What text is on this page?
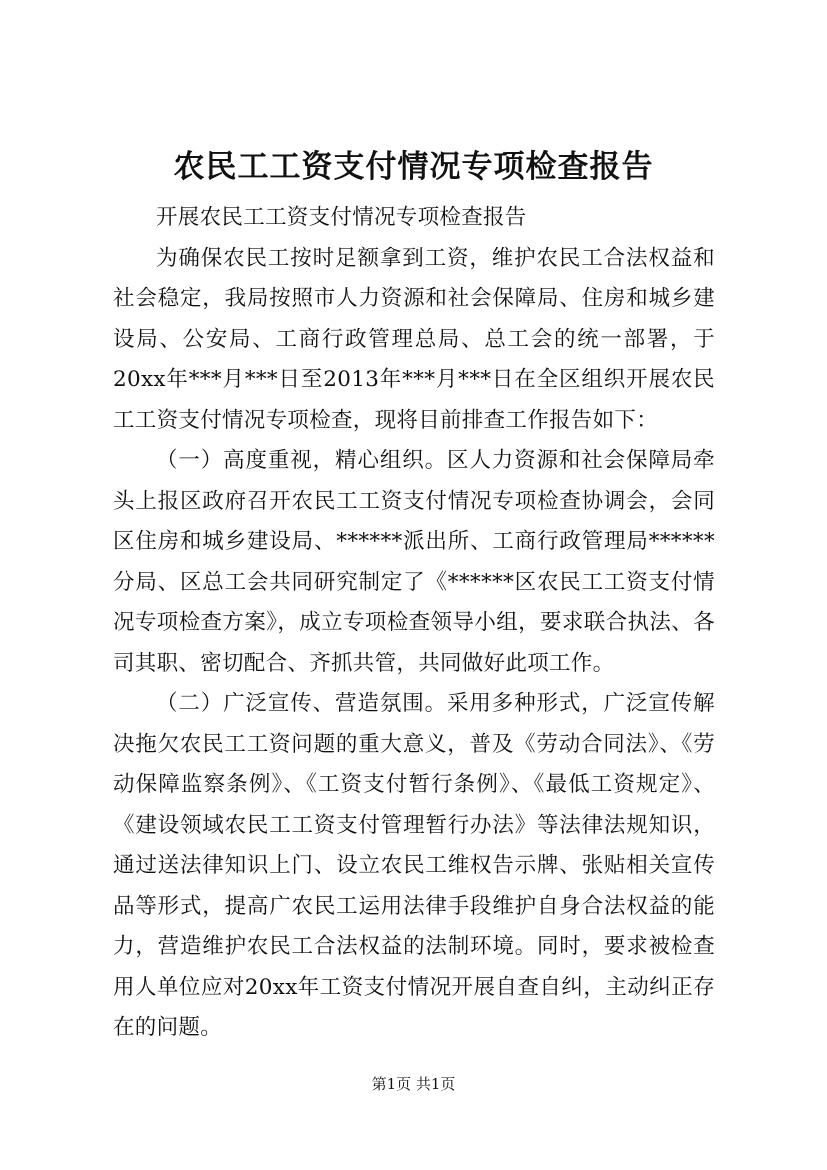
农民工工资支付情况专项检查报告

开展农民工工资支付情况专项检查报告

为确保农民工按时足额拿到工资，维护农民工合法权益和社会稳定，我局按照市人力资源和社会保障局、住房和城乡建设局、公安局、工商行政管理总局、总工会的统一部署，于20xx年***月***日至2013年***月***日在全区组织开展农民工工资支付情况专项检查，现将目前排查工作报告如下：

（一）高度重视，精心组织。区人力资源和社会保障局牵头上报区政府召开农民工工资支付情况专项检查协调会，会同区住房和城乡建设局、******派出所、工商行政管理局******分局、区总工会共同研究制定了《******区农民工工资支付情况专项检查方案》，成立专项检查领导小组，要求联合执法、各司其职、密切配合、齐抓共管，共同做好此项工作。

（二）广泛宣传、营造氛围。采用多种形式，广泛宣传解决拖欠农民工工资问题的重大意义，普及《劳动合同法》、《劳动保障监察条例》、《工资支付暂行条例》、《最低工资规定》、《建设领域农民工工资支付管理暂行办法》等法律法规知识，通过送法律知识上门、设立农民工维权告示牌、张贴相关宣传品等形式，提高广农民工运用法律手段维护自身合法权益的能力，营造维护农民工合法权益的法制环境。同时，要求被检查用人单位应对20xx年工资支付情况开展自查自纠，主动纠正存在的问题。

第1页 共1页
